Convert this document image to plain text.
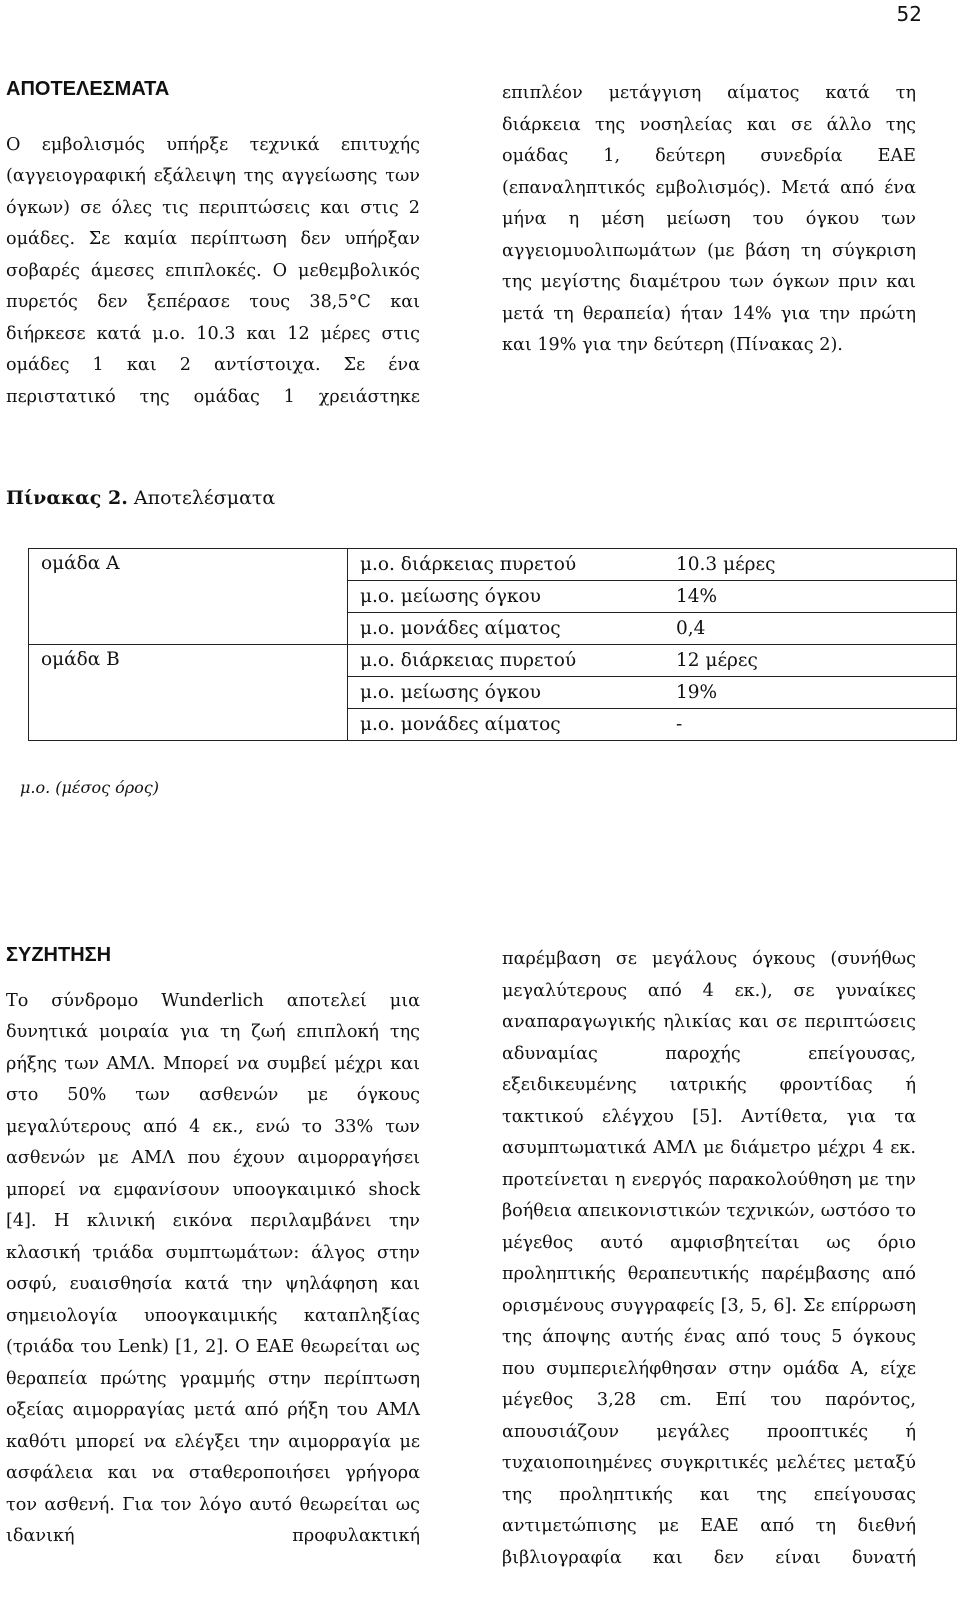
52
ΑΠΟΤΕΛΕΣΜΑΤΑ

Ο εμβολισμός υπήρξε τεχνικά επιτυχής (αγγειογραφική εξάλειψη της αγγείωσης των όγκων) σε όλες τις περιπτώσεις και στις 2 ομάδες. Σε καμία περίπτωση δεν υπήρξαν σοβαρές άμεσες επιπλοκές. Ο μεθεμβολικός πυρετός δεν ξεπέρασε τους 38,5°C και διήρκεσε κατά μ.ο. 10.3 και 12 μέρες στις ομάδες 1 και 2 αντίστοιχα. Σε ένα περιστατικό της ομάδας 1 χρειάστηκε

επιπλέον μετάγγιση αίματος κατά τη διάρκεια της νοσηλείας και σε άλλο της ομάδας 1, δεύτερη συνεδρία ΕΑΕ (επαναληπτικός εμβολισμός). Μετά από ένα μήνα η μέση μείωση του όγκου των αγγειομυολιπωμάτων (με βάση τη σύγκριση της μεγίστης διαμέτρου των όγκων πριν και μετά τη θεραπεία) ήταν 14% για την πρώτη και 19% για την δεύτερη (Πίνακας 2).

Πίνακας 2. Αποτελέσματα
ομάδα Α	μ.ο. διάρκειας πυρετού	10.3 μέρες
	μ.ο. μείωσης όγκου	14%
	μ.ο. μονάδες αίματος	0,4
ομάδα Β	μ.ο. διάρκειας πυρετού	12 μέρες
	μ.ο. μείωσης όγκου	19%
	μ.ο. μονάδες αίματος	-
μ.ο. (μέσος όρος)
ΣΥΖΗΤΗΣΗ

Το σύνδρομο Wunderlich αποτελεί μια δυνητικά μοιραία για τη ζωή επιπλοκή της ρήξης των ΑΜΛ. Μπορεί να συμβεί μέχρι και στο 50% των ασθενών με όγκους μεγαλύτερους από 4 εκ., ενώ το 33% των ασθενών με ΑΜΛ που έχουν αιμορραγήσει μπορεί να εμφανίσουν υποογκαιμικό shock [4]. Η κλινική εικόνα περιλαμβάνει την κλασική τριάδα συμπτωμάτων: άλγος στην οσφύ, ευαισθησία κατά την ψηλάφηση και σημειολογία υποογκαιμικής καταπληξίας (τριάδα του Lenk) [1, 2]. Ο ΕΑΕ θεωρείται ως θεραπεία πρώτης γραμμής στην περίπτωση οξείας αιμορραγίας μετά από ρήξη του ΑΜΛ καθότι μπορεί να ελέγξει την αιμορραγία με ασφάλεια και να σταθεροποιήσει γρήγορα τον ασθενή. Για τον λόγο αυτό θεωρείται ως ιδανική προφυλακτική

παρέμβαση σε μεγάλους όγκους (συνήθως μεγαλύτερους από 4 εκ.), σε γυναίκες αναπαραγωγικής ηλικίας και σε περιπτώσεις αδυναμίας παροχής επείγουσας, εξειδικευμένης ιατρικής φροντίδας ή τακτικού ελέγχου [5]. Αντίθετα, για τα ασυμπτωματικά ΑΜΛ με διάμετρο μέχρι 4 εκ. προτείνεται η ενεργός παρακολούθηση με την βοήθεια απεικονιστικών τεχνικών, ωστόσο το μέγεθος αυτό αμφισβητείται ως όριο προληπτικής θεραπευτικής παρέμβασης από ορισμένους συγγραφείς [3, 5, 6]. Σε επίρρωση της άποψης αυτής ένας από τους 5 όγκους που συμπεριελήφθησαν στην ομάδα Α, είχε μέγεθος 3,28 cm. Επί του παρόντος, απουσιάζουν μεγάλες προοπτικές ή τυχαιοποιημένες συγκριτικές μελέτες μεταξύ της προληπτικής και της επείγουσας αντιμετώπισης με ΕΑΕ από τη διεθνή βιβλιογραφία και δεν είναι δυνατή
